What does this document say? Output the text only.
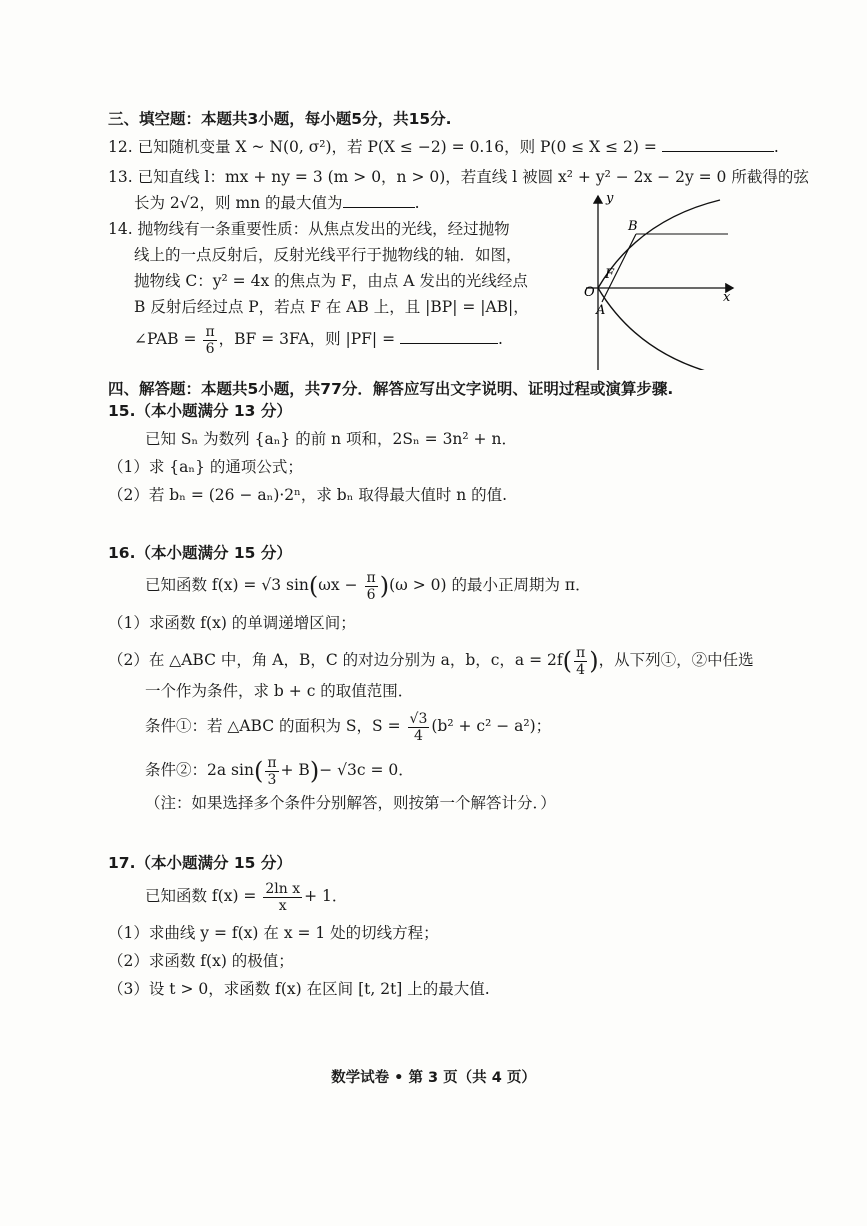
三、填空题：本题共3小题，每小题5分，共15分.
12. 已知随机变量 X ~ N(0, σ²)，若 P(X ≤ −2) = 0.16，则 P(0 ≤ X ≤ 2) =	.
13. 已知直线 l：mx + ny = 3 (m > 0，n > 0)，若直线 l 被圆 x² + y² − 2x − 2y = 0 所截得的弦
长为 2√2，则 mn 的最大值为	.
14. 抛物线有一条重要性质：从焦点发出的光线，经过抛物
线上的一点反射后，反射光线平行于抛物线的轴．如图，
抛物线 C：y² = 4x 的焦点为 F，由点 A 发出的光线经点
B 反射后经过点 P，若点 F 在 AB 上，且 |BP| = |AB|，
∠PAB = $\frac{\pi}{6}$ ，BF = 3FA，则 |PF| =	.
y
x
O
A
B
F
四、解答题：本题共5小题，共77分．解答应写出文字说明、证明过程或演算步骤.
15.（本小题满分 13 分）
已知 Sₙ 为数列 {aₙ} 的前 n 项和，2Sₙ = 3n² + n．
（1）求 {aₙ} 的通项公式；
（2）若 bₙ = (26 − aₙ)·2ⁿ，求 bₙ 取得最大值时 n 的值.
16.（本小题满分 15 分）
已知函数 f(x) = √3 $\sin(\omega x - \frac{\pi}{6} )(\omega > 0)$ 的最小正周期为 π．
（1）求函数 f(x) 的单调递增区间；
（2）在 △ABC 中，角 A，B，C 的对边分别为 a，b，c，$a = 2f( \frac{\pi}{4}$ )，从下列①，②中任选
一个作为条件，求 b + c 的取值范围．
条件①：若 △ABC 的面积为 S，$S = \frac{√3}{4} (b^2 + c^2 - a^2)$；
条件②：2a $\sin( \frac{\pi}{3} + B)- √3c = 0$．
（注：如果选择多个条件分别解答，则按第一个解答计分．）
17.（本小题满分 15 分）
已知函数 $f(x) = \frac{\text{2ln x}}{x} + 1$．
（1）求曲线 y = f(x) 在 x = 1 处的切线方程；
（2）求函数 f(x) 的极值；
（3）设 t > 0，求函数 f(x) 在区间 [t, 2t] 上的最大值.
数学试卷 • 第 3 页（共 4 页）
